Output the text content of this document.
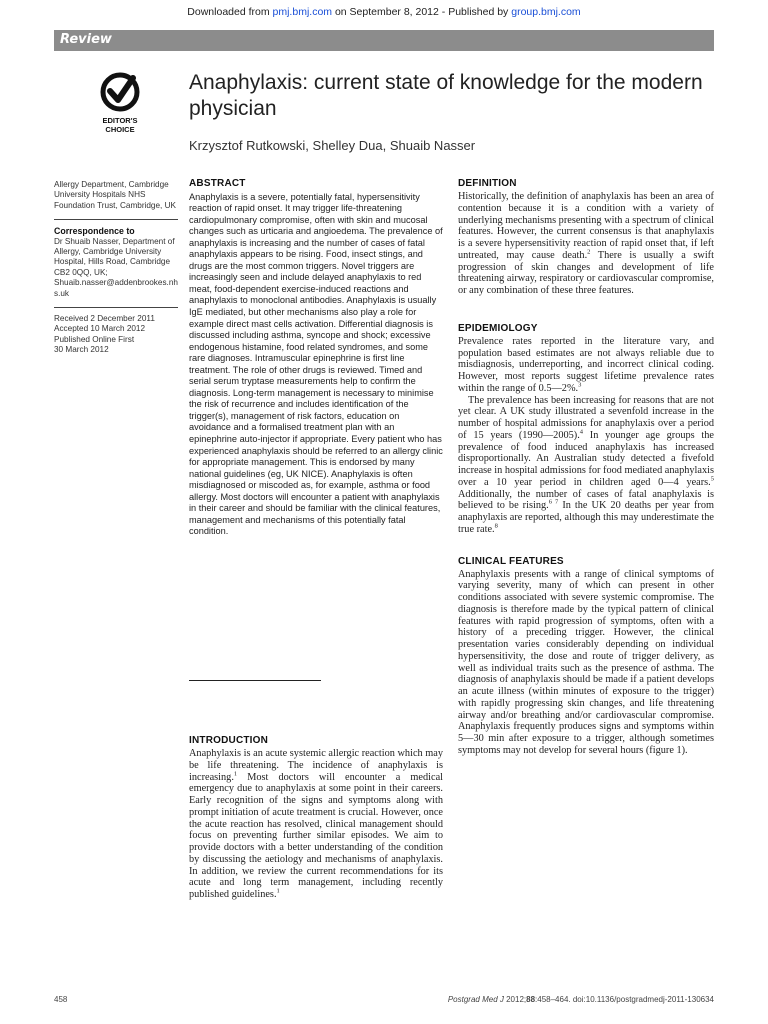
Downloaded from pmj.bmj.com on September 8, 2012 - Published by group.bmj.com
Review
EDITOR'S
CHOICE
Anaphylaxis: current state of knowledge for the modern physician
Krzysztof Rutkowski, Shelley Dua, Shuaib Nasser
Allergy Department, Cambridge University Hospitals NHS Foundation Trust, Cambridge, UK
Correspondence to
Dr Shuaib Nasser, Department of Allergy, Cambridge University Hospital, Hills Road, Cambridge CB2 0QQ, UK; Shuaib.nasser@addenbrookes.nhs.uk
Received 2 December 2011
Accepted 10 March 2012
Published Online First
30 March 2012
ABSTRACT

Anaphylaxis is a severe, potentially fatal, hypersensitivity reaction of rapid onset. It may trigger life-threatening cardiopulmonary compromise, often with skin and mucosal changes such as urticaria and angioedema. The prevalence of anaphylaxis is increasing and the number of cases of fatal anaphylaxis appears to be rising. Food, insect stings, and drugs are the most common triggers. Novel triggers are increasingly seen and include delayed anaphylaxis to red meat, food-dependent exercise-induced reactions and anaphylaxis to monoclonal antibodies. Anaphylaxis is usually IgE mediated, but other mechanisms also play a role for example direct mast cells activation. Differential diagnosis is discussed including asthma, syncope and shock; excessive endogenous histamine, food related syndromes, and some rare diagnoses. Intramuscular epinephrine is first line treatment. The role of other drugs is reviewed. Timed and serial serum tryptase measurements help to confirm the diagnosis. Long-term management is necessary to minimise the risk of recurrence and includes identification of the trigger(s), management of risk factors, education on avoidance and a formalised treatment plan with an epinephrine auto-injector if appropriate. Every patient who has experienced anaphylaxis should be referred to an allergy clinic for appropriate management. This is endorsed by many national guidelines (eg, UK NICE). Anaphylaxis is often misdiagnosed or miscoded as, for example, asthma or food allergy. Most doctors will encounter a patient with anaphylaxis in their career and should be familiar with the clinical features, management and mechanisms of this potentially fatal condition.

INTRODUCTION

Anaphylaxis is an acute systemic allergic reaction which may be life threatening. The incidence of anaphylaxis is increasing.$^1$ Most doctors will encounter a medical emergency due to anaphylaxis at some point in their careers. Early recognition of the signs and symptoms along with prompt initiation of acute treatment is crucial. However, once the acute reaction has resolved, clinical management should focus on preventing further similar episodes. We aim to provide doctors with a better understanding of the condition by discussing the aetiology and mechanisms of anaphylaxis. In addition, we review the current recommendations for its acute and long term management, including recently published guidelines.$^1$

DEFINITION

Historically, the definition of anaphylaxis has been an area of contention because it is a condition with a variety of underlying mechanisms presenting with a spectrum of clinical features. However, the current consensus is that anaphylaxis is a severe hypersensitivity reaction of rapid onset that, if left untreated, may cause death.$^2$ There is usually a swift progression of skin changes and development of life threatening airway, respiratory or cardiovascular compromise, or any combination of these three features.

EPIDEMIOLOGY

Prevalence rates reported in the literature vary, and population based estimates are not always reliable due to misdiagnosis, underreporting, and incorrect clinical coding. However, most reports suggest lifetime prevalence rates within the range of 0.5—2%.$^3$

The prevalence has been increasing for reasons that are not yet clear. A UK study illustrated a sevenfold increase in the number of hospital admissions for anaphylaxis over a period of 15 years (1990—2005).$^4$ In younger age groups the prevalence of food induced anaphylaxis has increased disproportionally. An Australian study detected a fivefold increase in hospital admissions for food mediated anaphylaxis over a 10 year period in children aged 0—4 years.$^5$ Additionally, the number of cases of fatal anaphylaxis is believed to be rising.$^{6 7}$ In the UK 20 deaths per year from anaphylaxis are reported, although this may underestimate the true rate.$^8$

CLINICAL FEATURES

Anaphylaxis presents with a range of clinical symptoms of varying severity, many of which can present in other conditions associated with severe systemic compromise. The diagnosis is therefore made by the typical pattern of clinical features with rapid progression of symptoms, often with a history of a preceding trigger. However, the clinical presentation varies considerably depending on individual hypersensitivity, the dose and route of trigger delivery, as well as individual traits such as the presence of asthma. The diagnosis of anaphylaxis should be made if a patient develops an acute illness (within minutes of exposure to the trigger) with rapidly progressing skin changes, and life threatening airway and/or breathing and/or cardiovascular compromise. Anaphylaxis frequently produces signs and symptoms within 5—30 min after exposure to a trigger, although sometimes symptoms may not develop for several hours (figure 1).

458	Postgrad Med J 2012;88:458–464. doi:10.1136/postgradmedj-2011-130634
